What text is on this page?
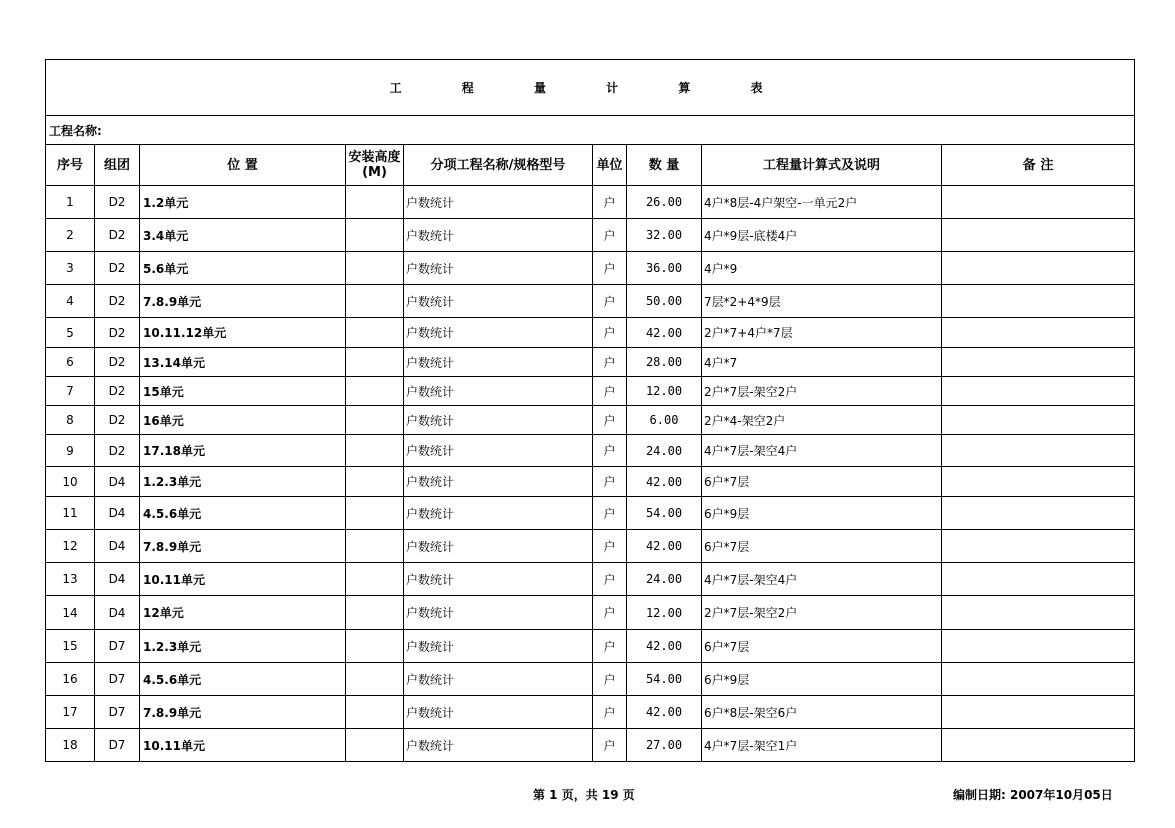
工 程 量 计 算 表								
工程名称:								
序号	组团	位 置	安装高度(M)	分项工程名称/规格型号	单位	数 量	工程量计算式及说明	备 注
1	D2	1.2单元		户数统计	户	26.00	4户*8层-4户架空-一单元2户	
2	D2	3.4单元		户数统计	户	32.00	4户*9层-底楼4户	
3	D2	5.6单元		户数统计	户	36.00	4户*9	
4	D2	7.8.9单元		户数统计	户	50.00	7层*2+4*9层	
5	D2	10.11.12单元		户数统计	户	42.00	2户*7+4户*7层	
6	D2	13.14单元		户数统计	户	28.00	4户*7	
7	D2	15单元		户数统计	户	12.00	2户*7层-架空2户	
8	D2	16单元		户数统计	户	6.00	2户*4-架空2户	
9	D2	17.18单元		户数统计	户	24.00	4户*7层-架空4户	
10	D4	1.2.3单元		户数统计	户	42.00	6户*7层	
11	D4	4.5.6单元		户数统计	户	54.00	6户*9层	
12	D4	7.8.9单元		户数统计	户	42.00	6户*7层	
13	D4	10.11单元		户数统计	户	24.00	4户*7层-架空4户	
14	D4	12单元		户数统计	户	12.00	2户*7层-架空2户	
15	D7	1.2.3单元		户数统计	户	42.00	6户*7层	
16	D7	4.5.6单元		户数统计	户	54.00	6户*9层	
17	D7	7.8.9单元		户数统计	户	42.00	6户*8层-架空6户	
18	D7	10.11单元		户数统计	户	27.00	4户*7层-架空1户	
第 1 页，共 19 页	编制日期: 2007年10月05日
